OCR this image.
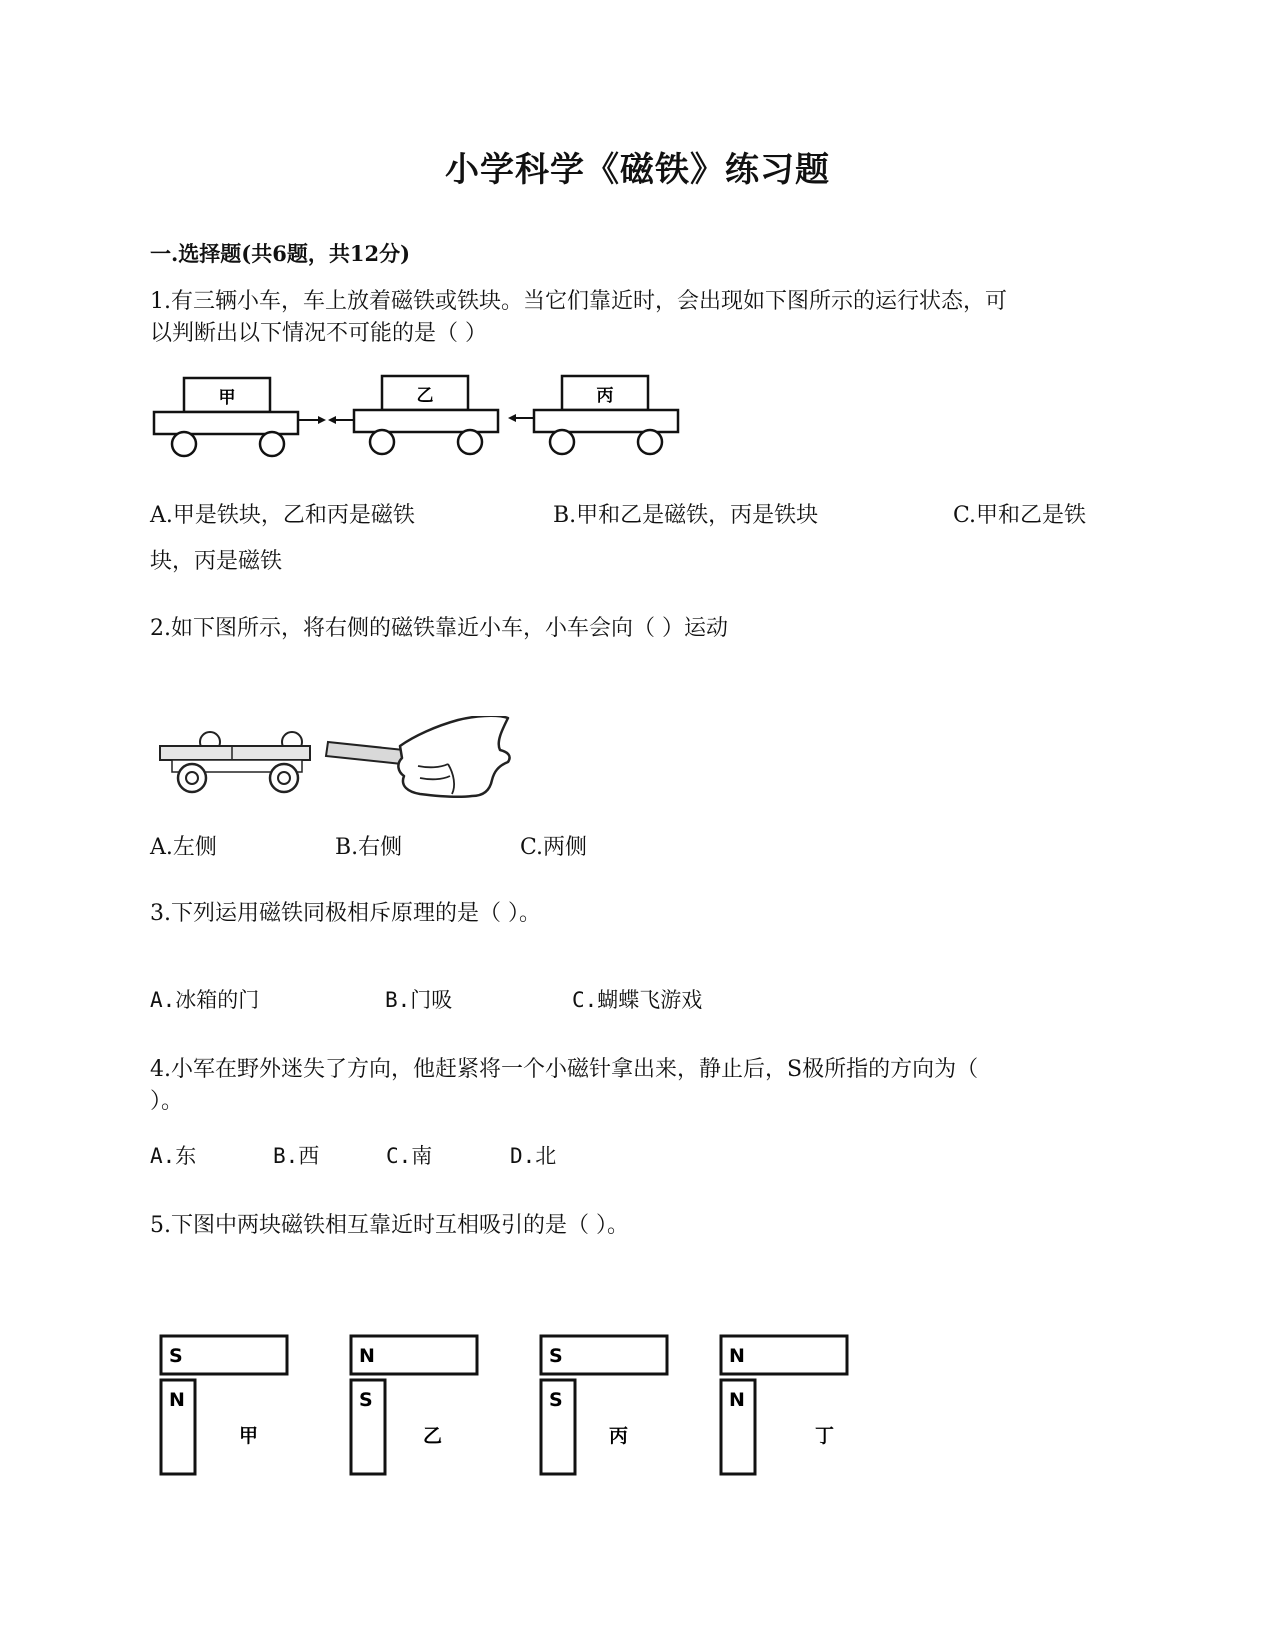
小学科学《磁铁》练习题
一.选择题(共6题，共12分)
1.有三辆小车，车上放着磁铁或铁块。当它们靠近时，会出现如下图所示的运行状态，可
以判断出以下情况不可能的是（ ）
甲	乙	丙
A.甲是铁块，乙和丙是磁铁	B.甲和乙是磁铁，丙是铁块	C.甲和乙是铁
块，丙是磁铁
2.如下图所示，将右侧的磁铁靠近小车，小车会向（ ）运动
A.左侧	B.右侧	C.两侧
3.下列运用磁铁同极相斥原理的是（ ）。
A.冰箱的门	B.门吸	C.蝴蝶飞游戏
4.小军在野外迷失了方向，他赶紧将一个小磁针拿出来，静止后，S极所指的方向为（
）。
A.东	B.西	C.南	D.北
5.下图中两块磁铁相互靠近时互相吸引的是（ ）。
S
N
甲
N
S
乙
S
S
丙
N
N
丁
